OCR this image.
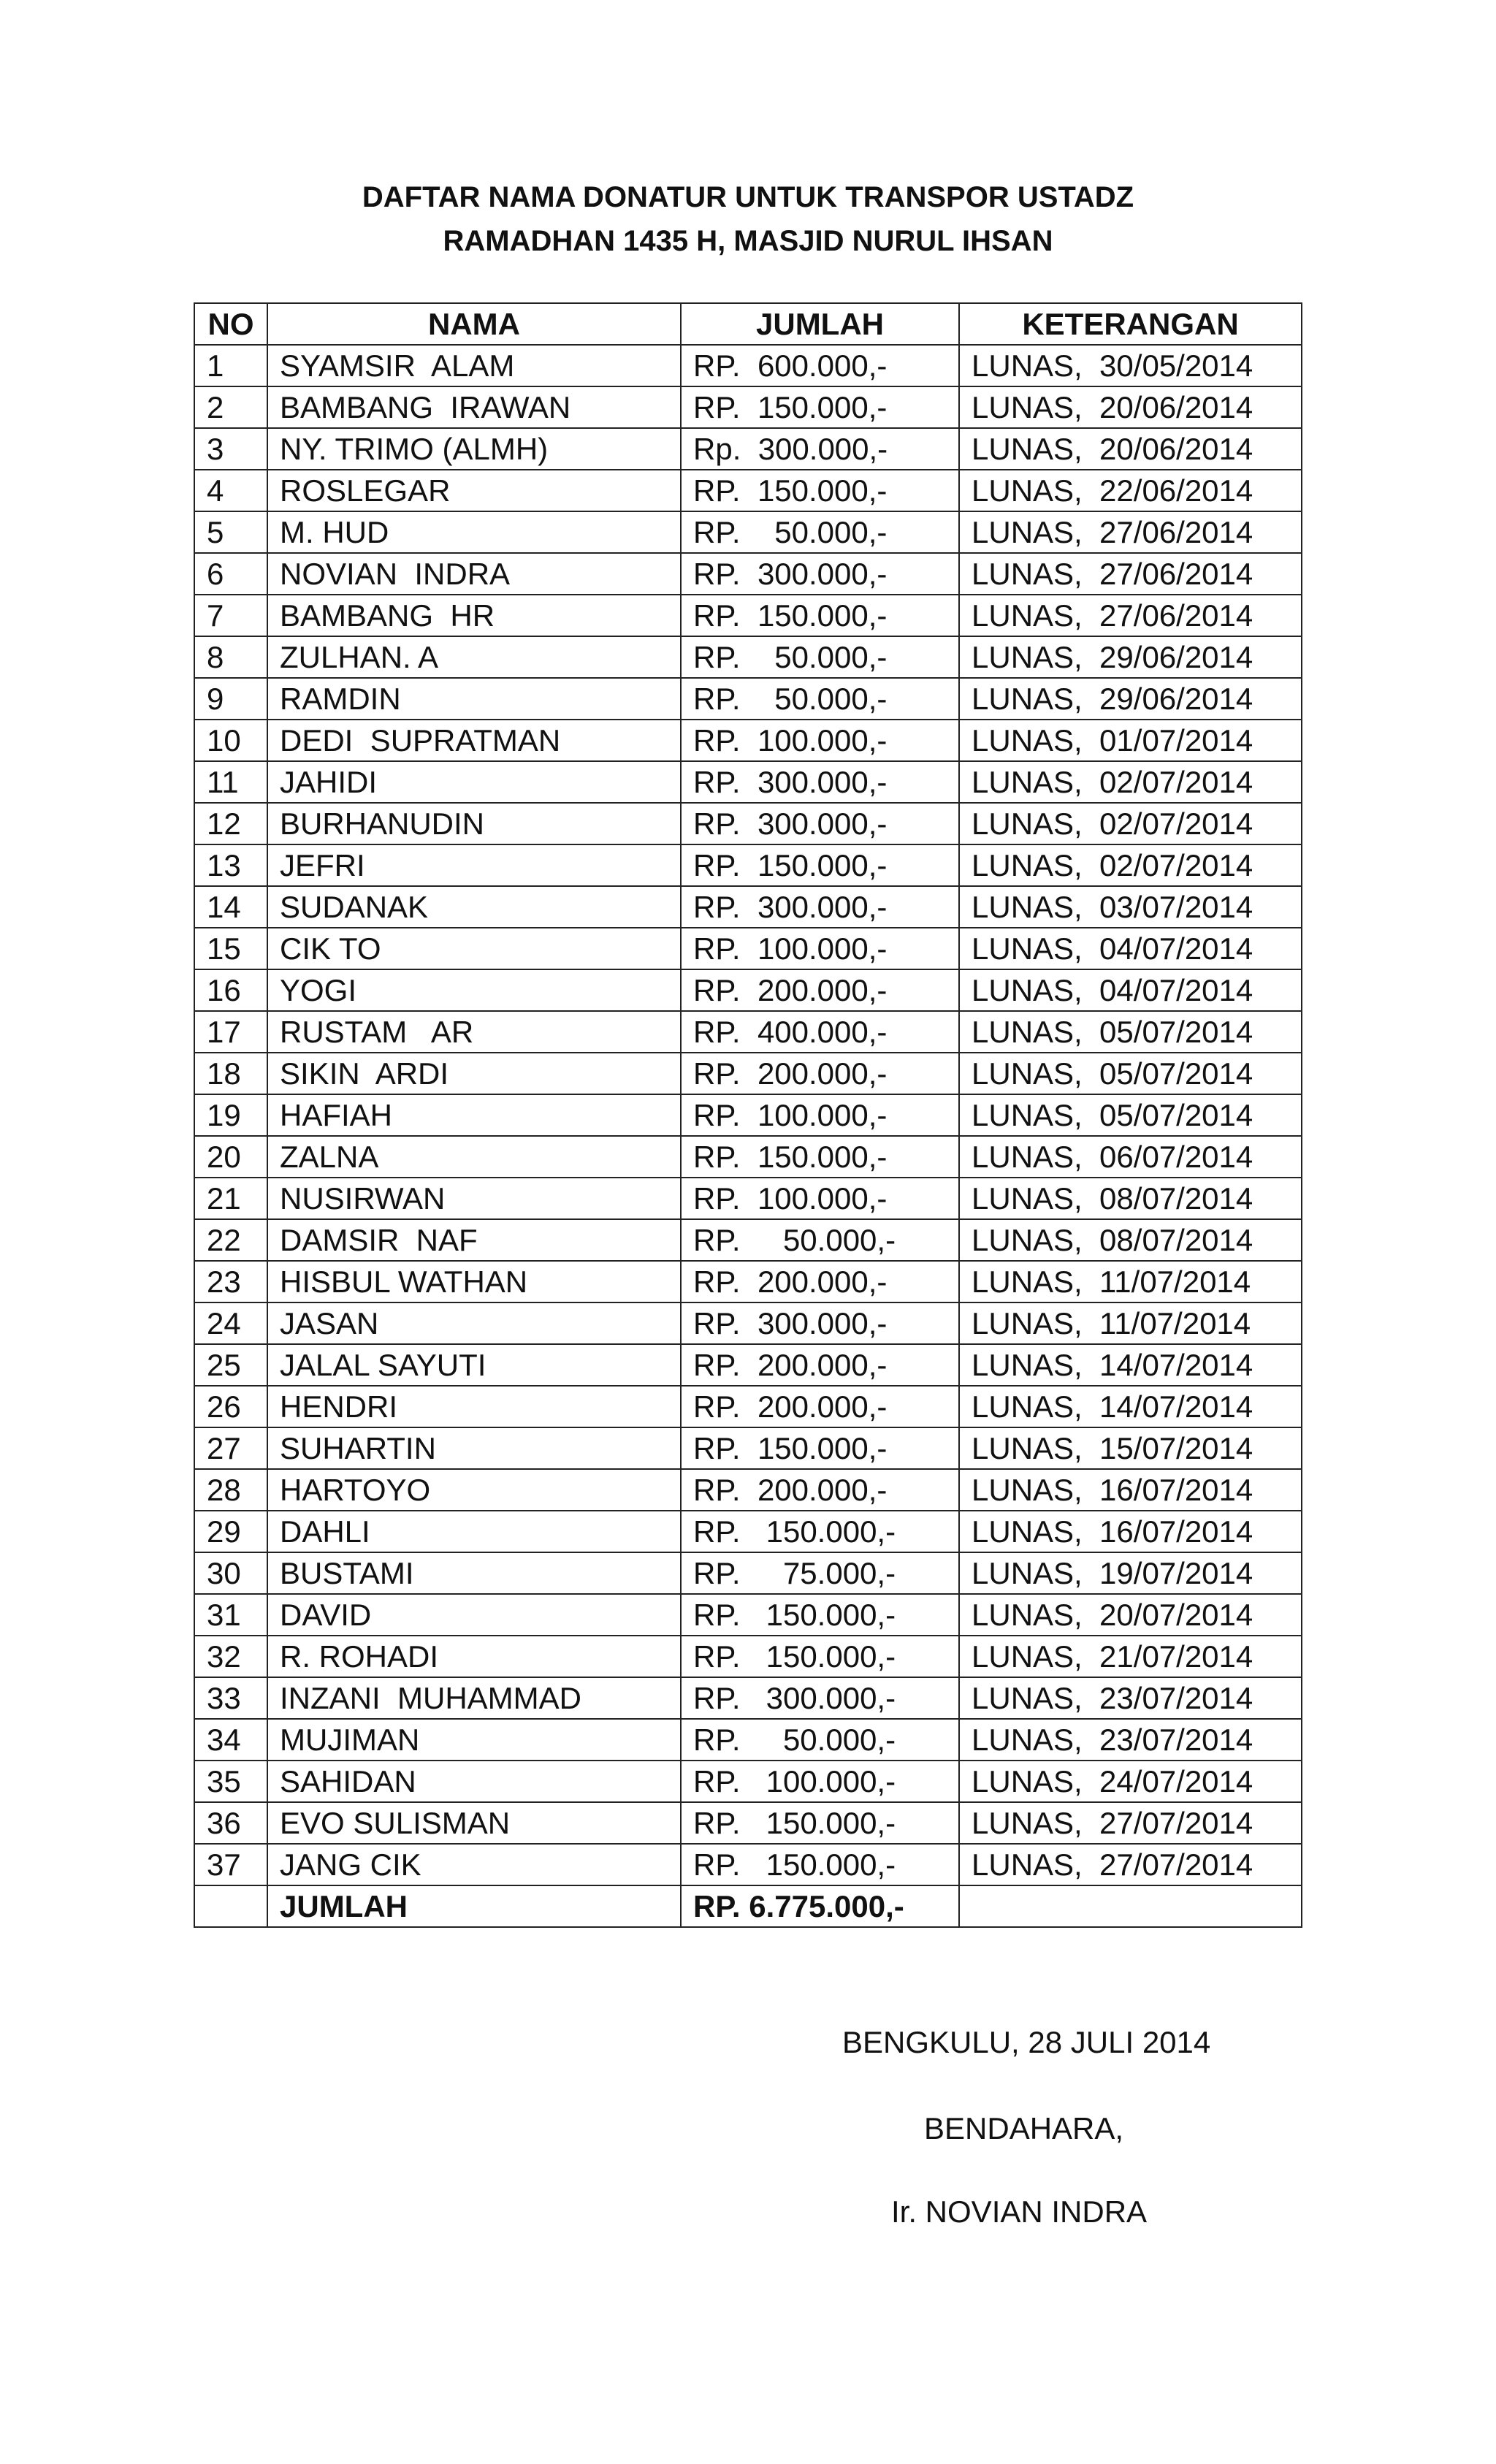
DAFTAR NAMA DONATUR UNTUK TRANSPOR USTADZ
RAMADHAN 1435 H, MASJID NURUL IHSAN
NO	NAMA	JUMLAH	KETERANGAN
1	SYAMSIR  ALAM	RP.  600.000,-	LUNAS,  30/05/2014
2	BAMBANG  IRAWAN	RP.  150.000,-	LUNAS,  20/06/2014
3	NY. TRIMO (ALMH)	Rp.  300.000,-	LUNAS,  20/06/2014
4	ROSLEGAR	RP.  150.000,-	LUNAS,  22/06/2014
5	M. HUD	RP.    50.000,-	LUNAS,  27/06/2014
6	NOVIAN  INDRA	RP.  300.000,-	LUNAS,  27/06/2014
7	BAMBANG  HR	RP.  150.000,-	LUNAS,  27/06/2014
8	ZULHAN. A	RP.    50.000,-	LUNAS,  29/06/2014
9	RAMDIN	RP.    50.000,-	LUNAS,  29/06/2014
10	DEDI  SUPRATMAN	RP.  100.000,-	LUNAS,  01/07/2014
11	JAHIDI	RP.  300.000,-	LUNAS,  02/07/2014
12	BURHANUDIN	RP.  300.000,-	LUNAS,  02/07/2014
13	JEFRI	RP.  150.000,-	LUNAS,  02/07/2014
14	SUDANAK	RP.  300.000,-	LUNAS,  03/07/2014
15	CIK TO	RP.  100.000,-	LUNAS,  04/07/2014
16	YOGI	RP.  200.000,-	LUNAS,  04/07/2014
17	RUSTAM   AR	RP.  400.000,-	LUNAS,  05/07/2014
18	SIKIN  ARDI	RP.  200.000,-	LUNAS,  05/07/2014
19	HAFIAH	RP.  100.000,-	LUNAS,  05/07/2014
20	ZALNA	RP.  150.000,-	LUNAS,  06/07/2014
21	NUSIRWAN	RP.  100.000,-	LUNAS,  08/07/2014
22	DAMSIR  NAF	RP.     50.000,-	LUNAS,  08/07/2014
23	HISBUL WATHAN	RP.  200.000,-	LUNAS,  11/07/2014
24	JASAN	RP.  300.000,-	LUNAS,  11/07/2014
25	JALAL SAYUTI	RP.  200.000,-	LUNAS,  14/07/2014
26	HENDRI	RP.  200.000,-	LUNAS,  14/07/2014
27	SUHARTIN	RP.  150.000,-	LUNAS,  15/07/2014
28	HARTOYO	RP.  200.000,-	LUNAS,  16/07/2014
29	DAHLI	RP.   150.000,-	LUNAS,  16/07/2014
30	BUSTAMI	RP.     75.000,-	LUNAS,  19/07/2014
31	DAVID	RP.   150.000,-	LUNAS,  20/07/2014
32	R. ROHADI	RP.   150.000,-	LUNAS,  21/07/2014
33	INZANI  MUHAMMAD	RP.   300.000,-	LUNAS,  23/07/2014
34	MUJIMAN	RP.     50.000,-	LUNAS,  23/07/2014
35	SAHIDAN	RP.   100.000,-	LUNAS,  24/07/2014
36	EVO SULISMAN	RP.   150.000,-	LUNAS,  27/07/2014
37	JANG CIK	RP.   150.000,-	LUNAS,  27/07/2014
	JUMLAH	RP. 6.775.000,-	
BENGKULU, 28 JULI 2014
BENDAHARA,
Ir. NOVIAN INDRA
